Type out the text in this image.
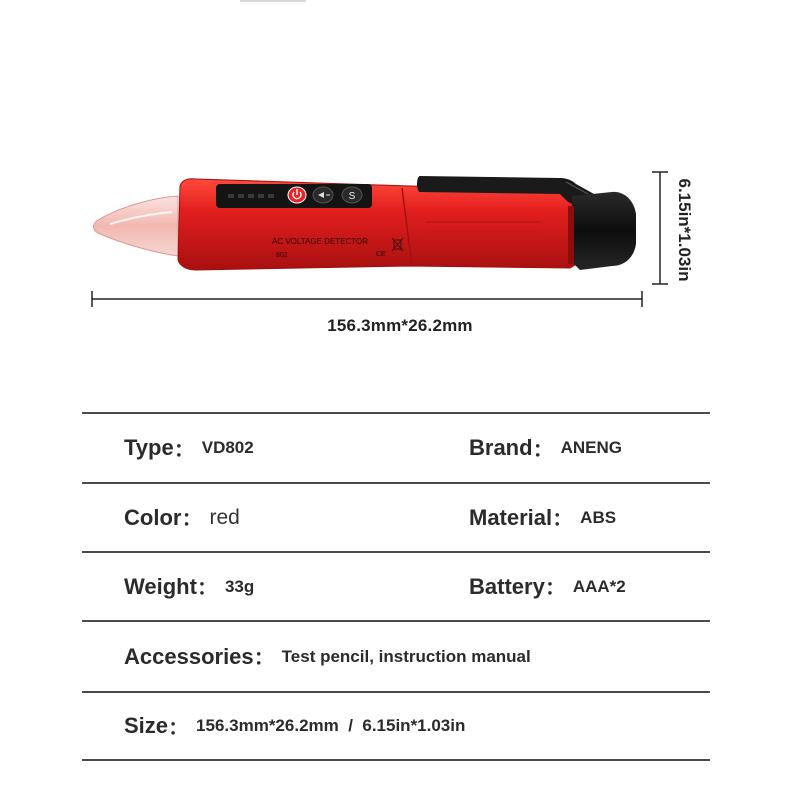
S
AC VOLTAGE DETECTOR
802	CE
156.3mm*26.2mm
6.15in*1.03in
Type ： VD802	Brand ： ANENG
Color ： red	Material ： ABS
Weight ： 33g	Battery ： AAA*2
Accessories ： Test pencil, instruction manual
Size ： 156.3mm*26.2mm  /  6.15in*1.03in
